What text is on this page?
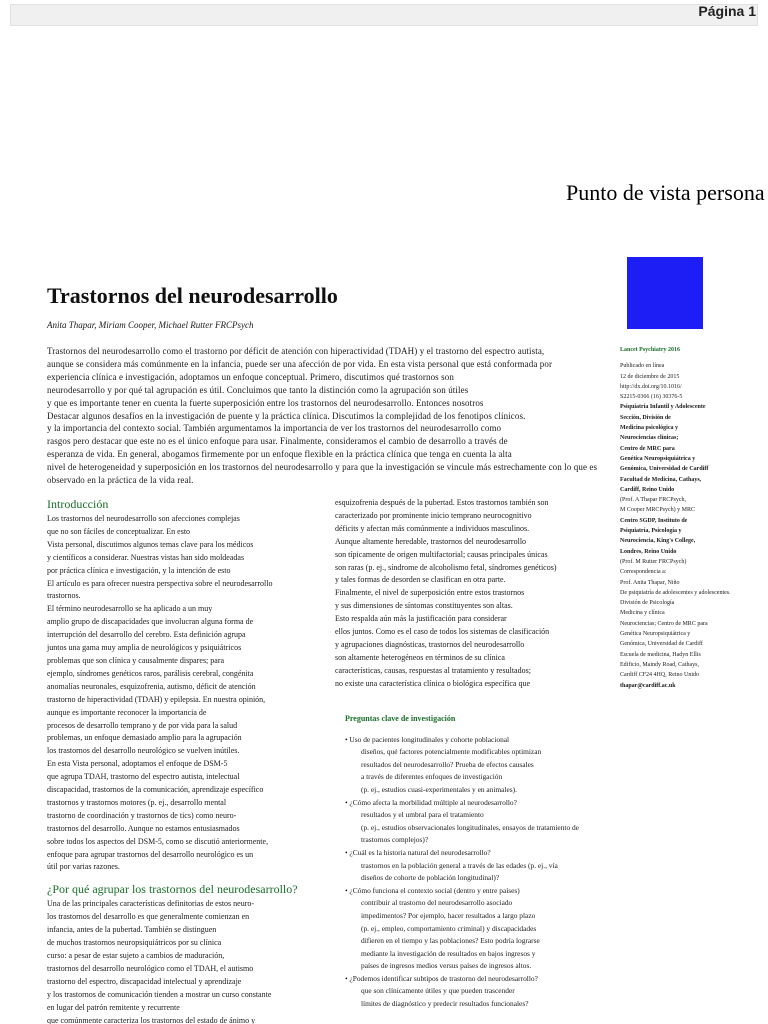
Página 1
Punto de vista persona
Trastornos del neurodesarrollo
Anita Thapar, Miriam Cooper, Michael Rutter FRCPsych

Trastornos del neurodesarrollo como el trastorno por déficit de atención con hiperactividad (TDAH) y el trastorno del espectro autista,

aunque se considera más comúnmente en la infancia, puede ser una afección de por vida. En esta vista personal que está conformada por

experiencia clínica e investigación, adoptamos un enfoque conceptual. Primero, discutimos qué trastornos son

neurodesarrollo y por qué tal agrupación es útil. Concluimos que tanto la distinción como la agrupación son útiles

y que es importante tener en cuenta la fuerte superposición entre los trastornos del neurodesarrollo. Entonces nosotros

Destacar algunos desafíos en la investigación de puente y la práctica clínica. Discutimos la complejidad de los fenotipos clínicos.

y la importancia del contexto social. También argumentamos la importancia de ver los trastornos del neurodesarrollo como

rasgos pero destacar que este no es el único enfoque para usar. Finalmente, consideramos el cambio de desarrollo a través de

esperanza de vida. En general, abogamos firmemente por un enfoque flexible en la práctica clínica que tenga en cuenta la alta

nivel de heterogeneidad y superposición en los trastornos del neurodesarrollo y para que la investigación se vincule más estrechamente con lo que es

observado en la práctica de la vida real.

Lancet Psychiatry 2016

Publicado en línea

12 de diciembre de 2015

http://dx.doi.org/10.1016/

S2215-0366 (16) 30376-5

Psiquiatría Infantil y Adolescente

Sección, División de

Medicina psicológica y

Neurociencias clínicas;

Centro de MRC para

Genética Neuropsiquiátrica y

Genómica, Universidad de Cardiff

Facultad de Medicina, Cathays,

Cardiff, Reino Unido

(Prof. A Thapar FRCPsych,

M Cooper MRCPsych) y MRC

Centro SGDP, Instituto de

Psiquiatría, Psicología y

Neurociencia, King's College,

Londres, Reino Unido

(Prof. M Rutter FRCPsych)

Correspondencia a:

Prof. Anita Thapar, Niño

De psiquiatría de adolescentes y adolescentes.

División de Psicología

Medicina y clínica

Neurociencias; Centro de MRC para

Genética Neuropsiquiátrica y

Genómica, Universidad de Cardiff

Escuela de medicina, Hadyn Ellis

Edificio, Maindy Road, Cathays,

Cardiff CF24 4HQ, Reino Unido

thapar@cardiff.ac.uk

Introducción

Los trastornos del neurodesarrollo son afecciones complejas

que no son fáciles de conceptualizar. En esto

Vista personal, discutimos algunos temas clave para los médicos

y científicos a considerar. Nuestras vistas han sido moldeadas

por práctica clínica e investigación, y la intención de esto

El artículo es para ofrecer nuestra perspectiva sobre el neurodesarrollo

trastornos.

El término neurodesarrollo se ha aplicado a un muy

amplio grupo de discapacidades que involucran alguna forma de

interrupción del desarrollo del cerebro. Esta definición agrupa

juntos una gama muy amplia de neurológicos y psiquiátricos

problemas que son clínica y causalmente dispares; para

ejemplo, síndromes genéticos raros, parálisis cerebral, congénita

anomalías neuronales, esquizofrenia, autismo, déficit de atención

trastorno de hiperactividad (TDAH) y epilepsia. En nuestra opinión,

aunque es importante reconocer la importancia de

procesos de desarrollo temprano y de por vida para la salud

problemas, un enfoque demasiado amplio para la agrupación

los trastornos del desarrollo neurológico se vuelven inútiles.

En esta Vista personal, adoptamos el enfoque de DSM-5

que agrupa TDAH, trastorno del espectro autista, intelectual

discapacidad, trastornos de la comunicación, aprendizaje específico

trastornos y trastornos motores (p. ej., desarrollo mental

trastorno de coordinación y trastornos de tics) como neuro-

trastornos del desarrollo. Aunque no estamos entusiasmados

sobre todos los aspectos del DSM-5, como se discutió anteriormente,

enfoque para agrupar trastornos del desarrollo neurológico es un

útil por varias razones.

¿Por qué agrupar los trastornos del neurodesarrollo?

Una de las principales características definitorias de estos neuro-

los trastornos del desarrollo es que generalmente comienzan en

infancia, antes de la pubertad. También se distinguen

de muchos trastornos neuropsiquiátricos por su clínica

curso: a pesar de estar sujeto a cambios de maduración,

trastornos del desarrollo neurológico como el TDAH, el autismo

trastorno del espectro, discapacidad intelectual y aprendizaje

y los trastornos de comunicación tienden a mostrar un curso constante

en lugar del patrón remitente y recurrente

que comúnmente caracteriza los trastornos del estado de ánimo y

esquizofrenia después de la pubertad. Estos trastornos también son

caracterizado por prominente inicio temprano neurocognitivo

déficits y afectan más comúnmente a individuos masculinos.

Aunque altamente heredable, trastornos del neurodesarrollo

son típicamente de origen multifactorial; causas principales únicas

son raras (p. ej., síndrome de alcoholismo fetal, síndromes genéticos)

y tales formas de desorden se clasifican en otra parte.

Finalmente, el nivel de superposición entre estos trastornos

y sus dimensiones de síntomas constituyentes son altas.

Esto respalda aún más la justificación para considerar

ellos juntos. Como es el caso de todos los sistemas de clasificación

y agrupaciones diagnósticas, trastornos del neurodesarrollo

son altamente heterogéneos en términos de su clínica

características, causas, respuestas al tratamiento y resultados;

no existe una característica clínica o biológica específica que

Preguntas clave de investigación

• Uso de pacientes longitudinales y cohorte poblacional

diseños, qué factores potencialmente modificables optimizan

resultados del neurodesarrollo? Prueba de efectos causales

a través de diferentes enfoques de investigación

(p. ej., estudios cuasi-experimentales y en animales).

• ¿Cómo afecta la morbilidad múltiple al neurodesarrollo?

resultados y el umbral para el tratamiento

(p. ej., estudios observacionales longitudinales, ensayos de tratamiento de

trastornos complejos)?

• ¿Cuál es la historia natural del neurodesarrollo?

trastornos en la población general a través de las edades (p. ej., vía

diseños de cohorte de población longitudinal)?

• ¿Cómo funciona el contexto social (dentro y entre países)

contribuir al trastorno del neurodesarrollo asociado

impedimentos? Por ejemplo, hacer resultados a largo plazo

(p. ej., empleo, comportamiento criminal) y discapacidades

difieren en el tiempo y las poblaciones? Esto podría lograrse

mediante la investigación de resultados en bajos ingresos y

países de ingresos medios versus países de ingresos altos.

• ¿Podemos identificar subtipos de trastorno del neurodesarrollo?

que son clínicamente útiles y que pueden trascender

límites de diagnóstico y predecir resultados funcionales?
